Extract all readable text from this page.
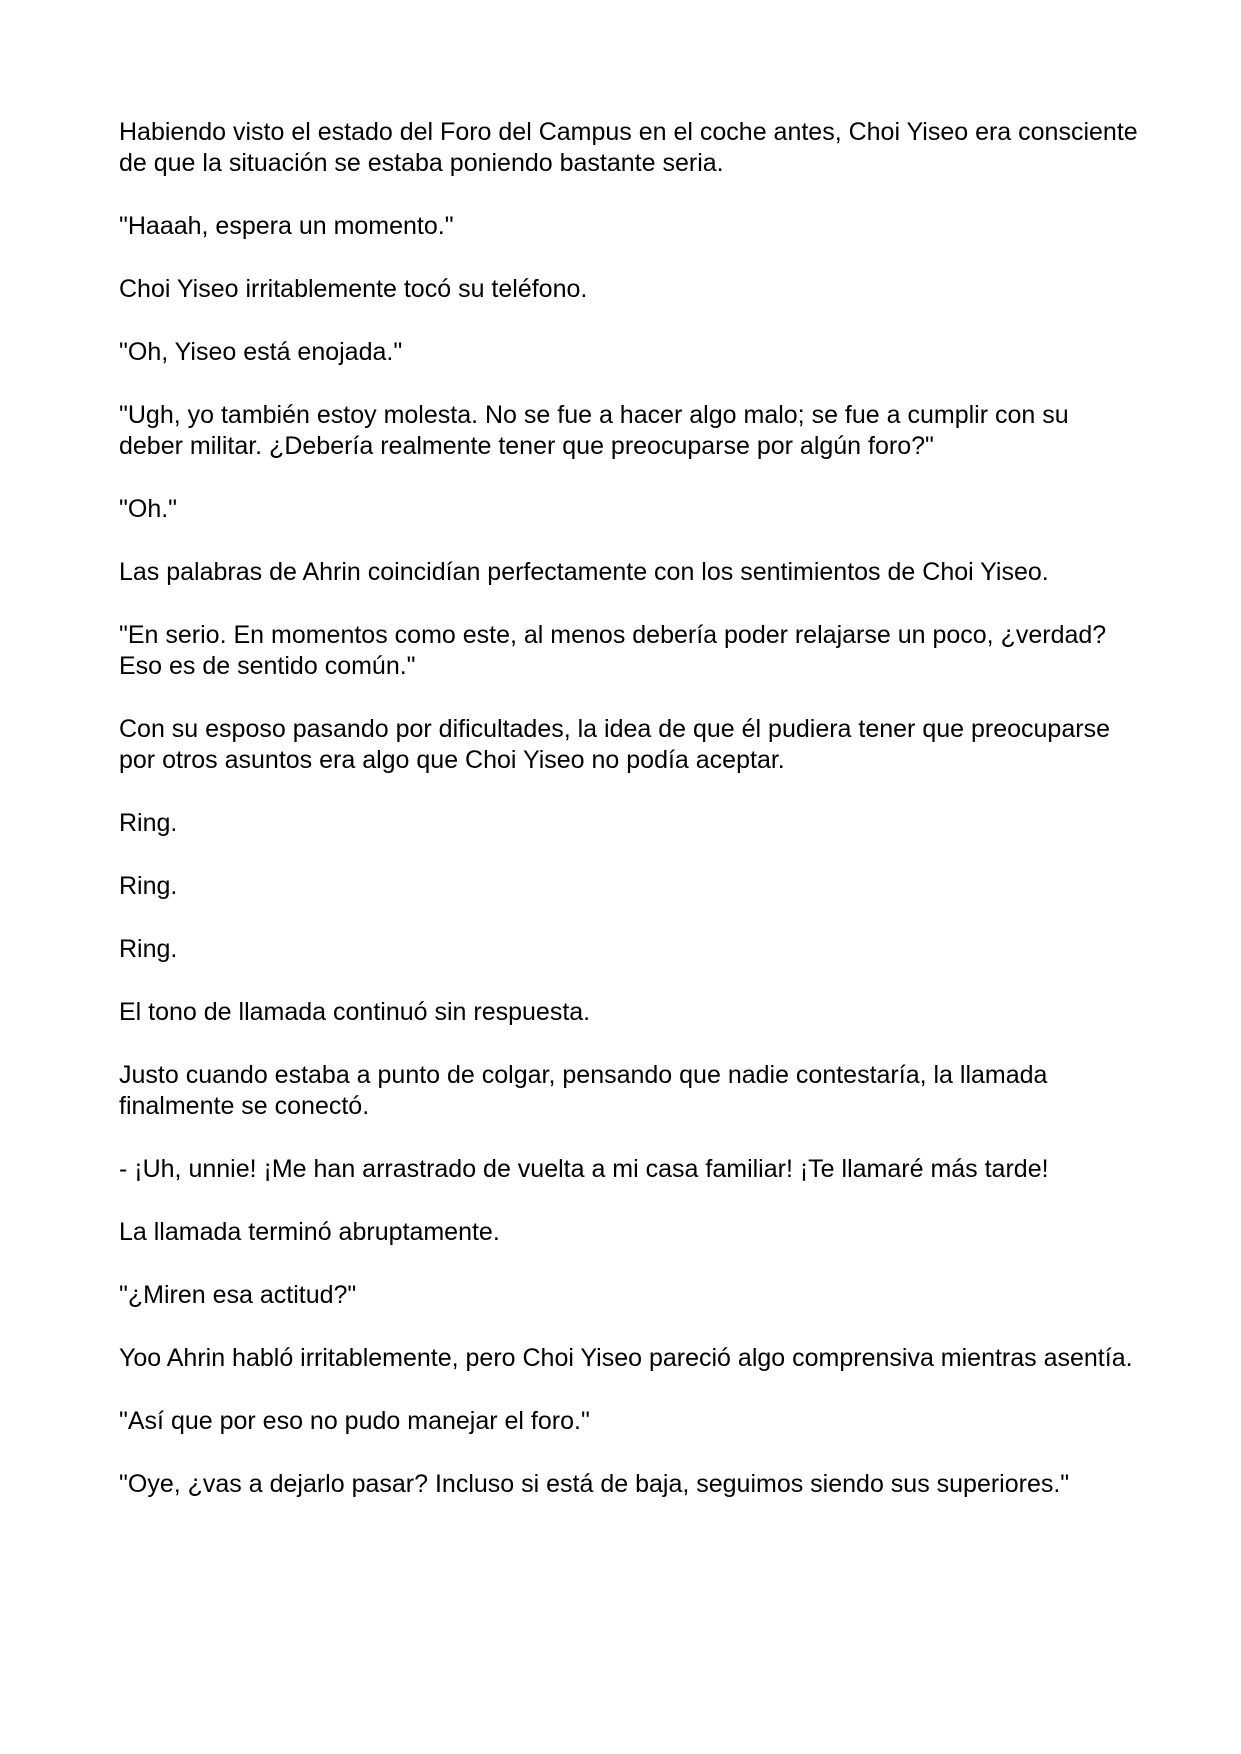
Habiendo visto el estado del Foro del Campus en el coche antes, Choi Yiseo era consciente de que la situación se estaba poniendo bastante seria.

"Haaah, espera un momento."

Choi Yiseo irritablemente tocó su teléfono.

"Oh, Yiseo está enojada."

"Ugh, yo también estoy molesta. No se fue a hacer algo malo; se fue a cumplir con su deber militar. ¿Debería realmente tener que preocuparse por algún foro?"

"Oh."

Las palabras de Ahrin coincidían perfectamente con los sentimientos de Choi Yiseo.

"En serio. En momentos como este, al menos debería poder relajarse un poco, ¿verdad? Eso es de sentido común."

Con su esposo pasando por dificultades, la idea de que él pudiera tener que preocuparse por otros asuntos era algo que Choi Yiseo no podía aceptar.

Ring.

Ring.

Ring.

El tono de llamada continuó sin respuesta.

Justo cuando estaba a punto de colgar, pensando que nadie contestaría, la llamada finalmente se conectó.

- ¡Uh, unnie! ¡Me han arrastrado de vuelta a mi casa familiar! ¡Te llamaré más tarde!

La llamada terminó abruptamente.

"¿Miren esa actitud?"

Yoo Ahrin habló irritablemente, pero Choi Yiseo pareció algo comprensiva mientras asentía.

"Así que por eso no pudo manejar el foro."

"Oye, ¿vas a dejarlo pasar? Incluso si está de baja, seguimos siendo sus superiores."
